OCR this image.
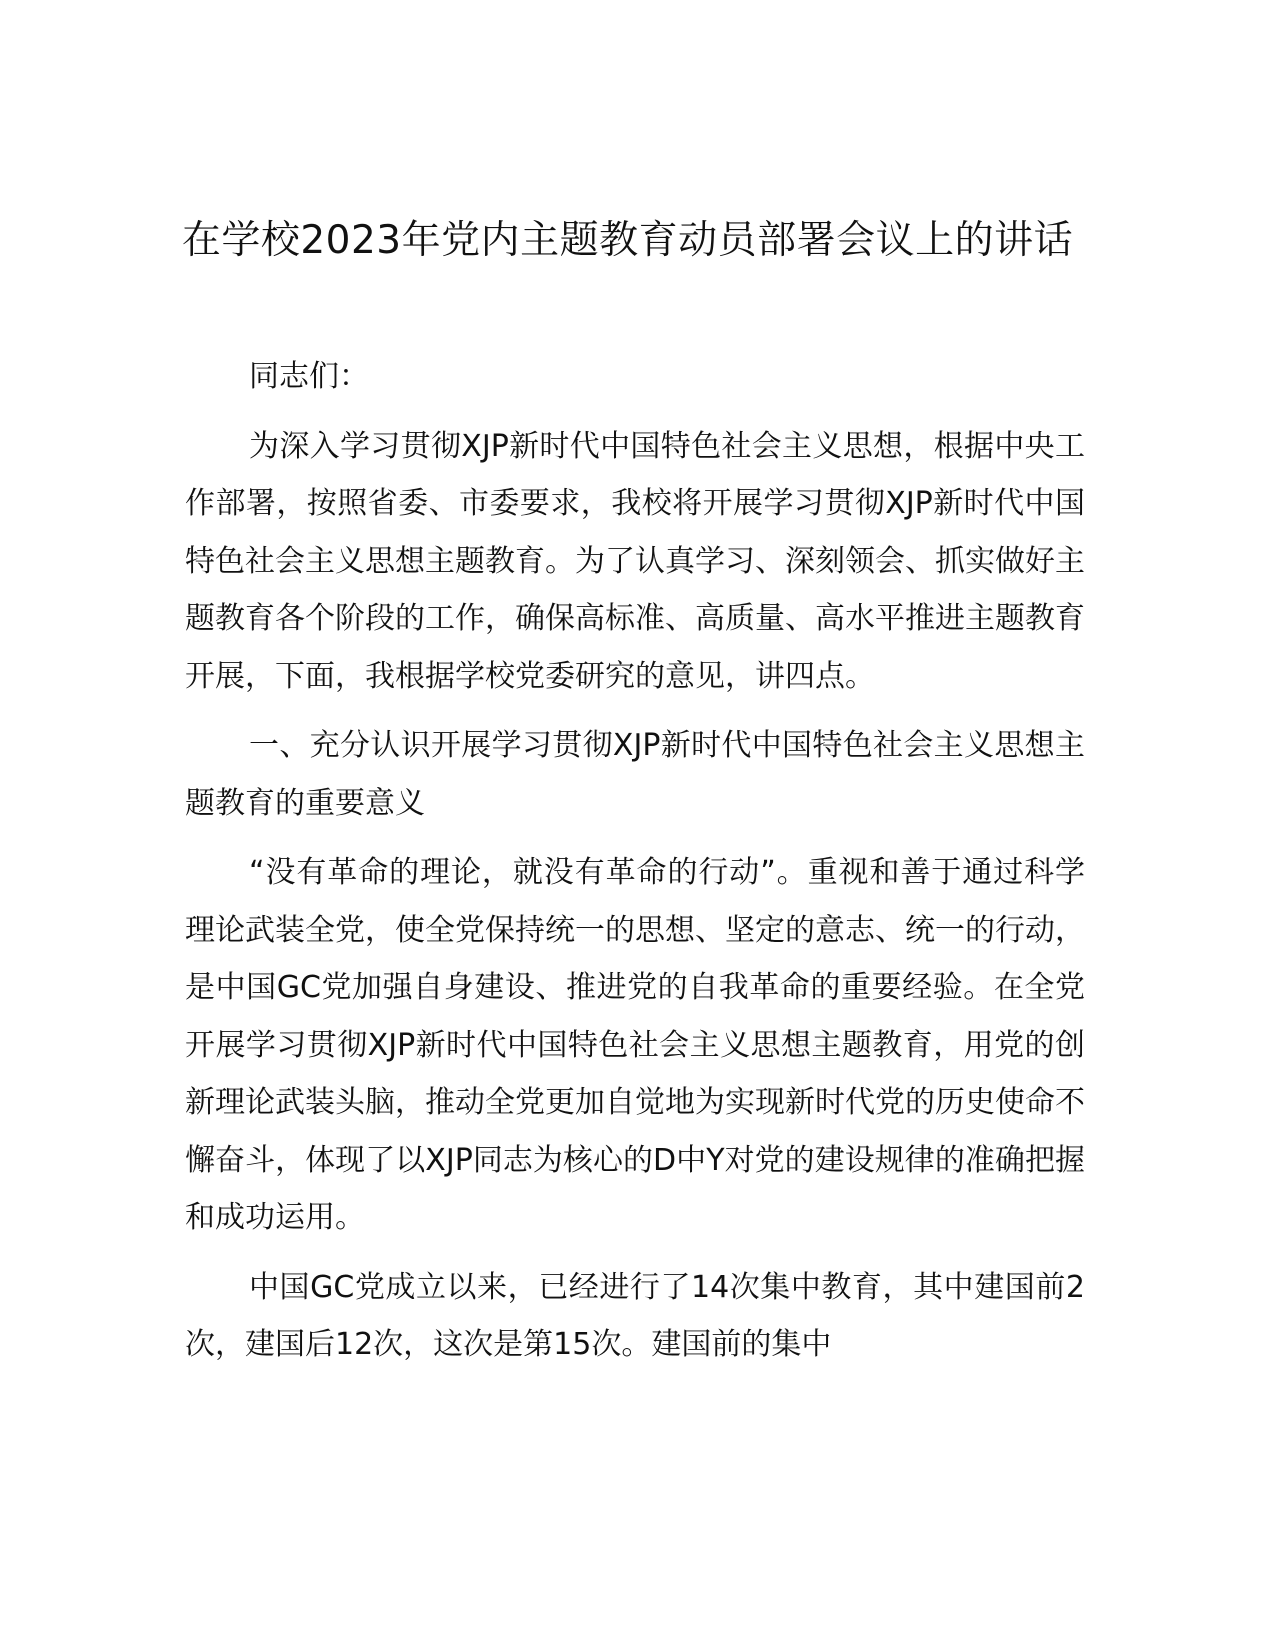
在学校2023年党内主题教育动员部署会议上的讲话

同志们：

为深入学习贯彻XJP新时代中国特色社会主义思想，根据中央工作部署，按照省委、市委要求，我校将开展学习贯彻XJP新时代中国特色社会主义思想主题教育。为了认真学习、深刻领会、抓实做好主题教育各个阶段的工作，确保高标准、高质量、高水平推进主题教育开展，下面，我根据学校党委研究的意见，讲四点。

一、充分认识开展学习贯彻XJP新时代中国特色社会主义思想主题教育的重要意义

“没有革命的理论，就没有革命的行动”。重视和善于通过科学理论武装全党，使全党保持统一的思想、坚定的意志、统一的行动，是中国GC党加强自身建设、推进党的自我革命的重要经验。在全党开展学习贯彻XJP新时代中国特色社会主义思想主题教育，用党的创新理论武装头脑，推动全党更加自觉地为实现新时代党的历史使命不懈奋斗，体现了以XJP同志为核心的D中Y对党的建设规律的准确把握和成功运用。

中国GC党成立以来，已经进行了14次集中教育，其中建国前2次，建国后12次，这次是第15次。建国前的集中
